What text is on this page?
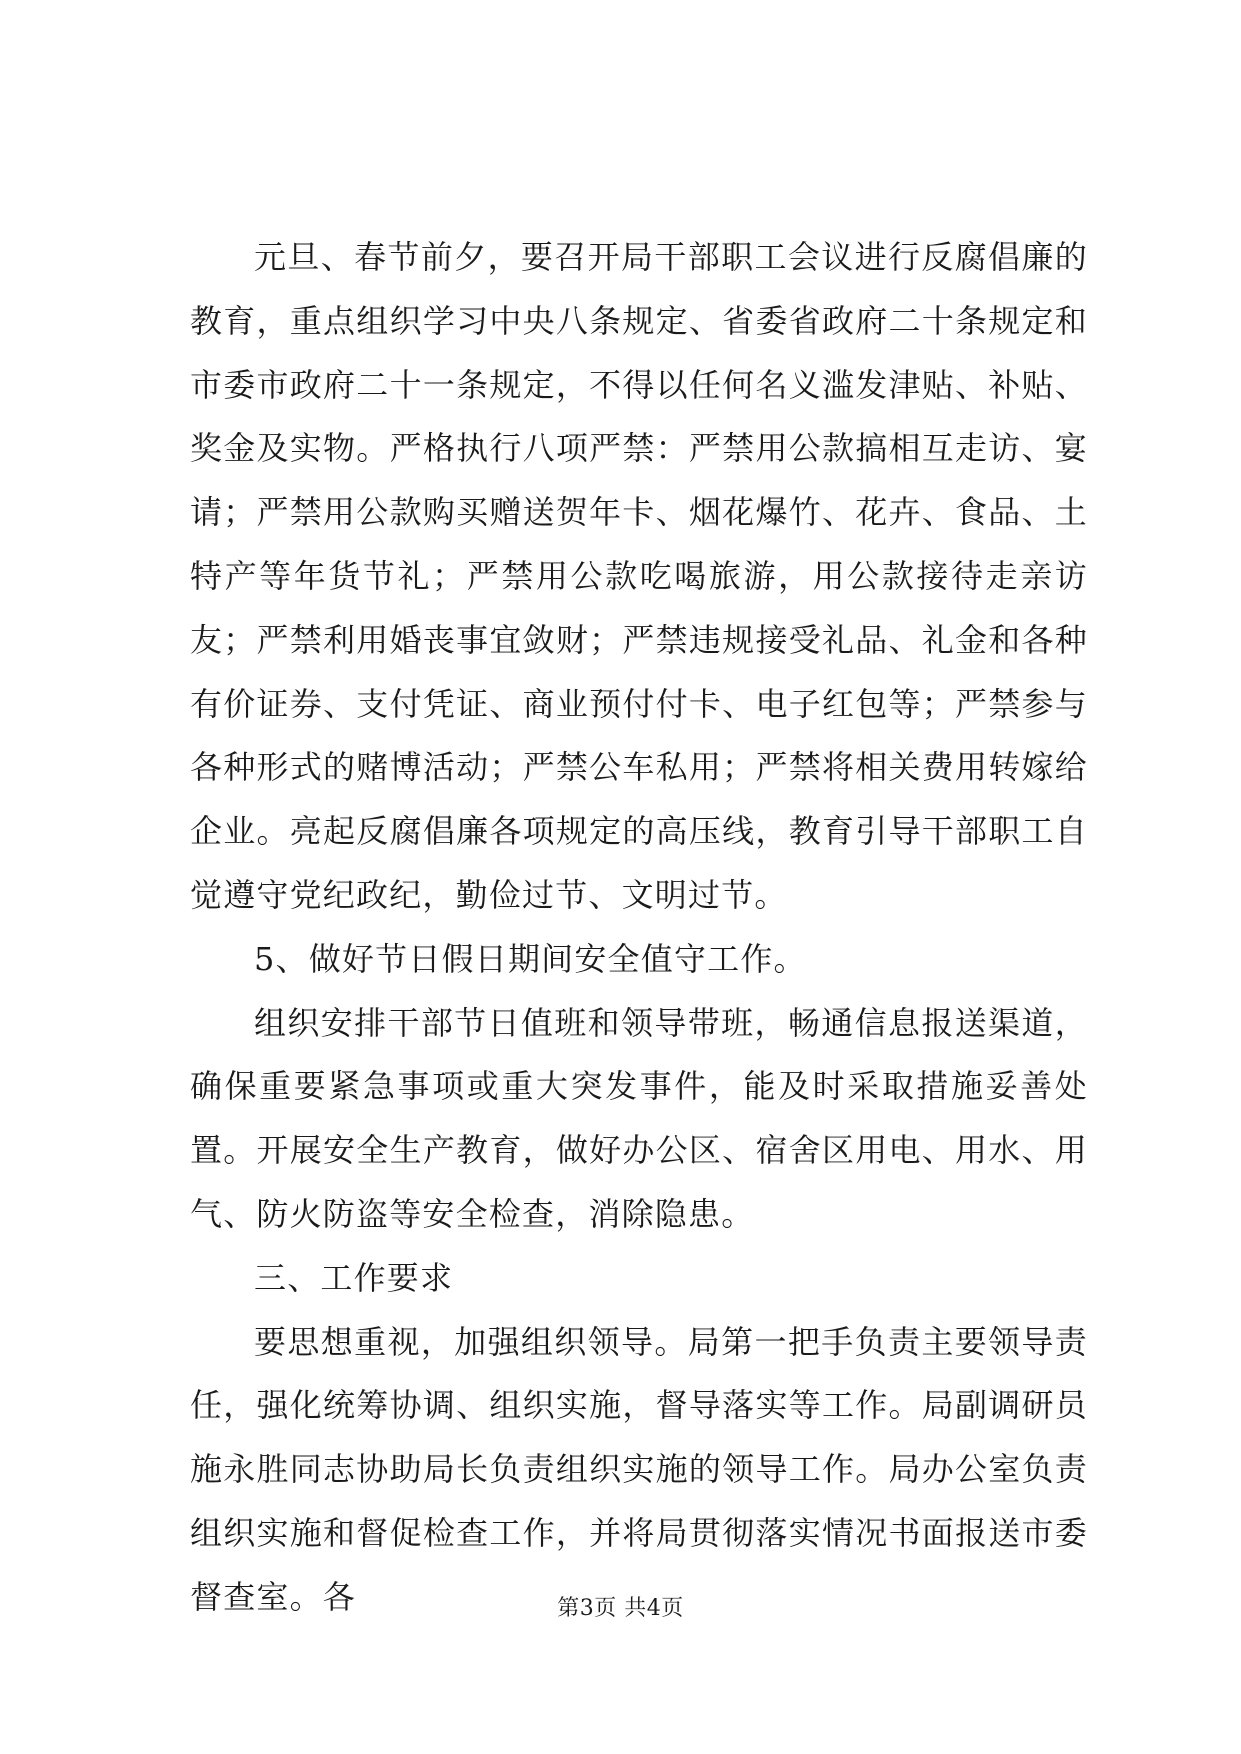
元旦、春节前夕，要召开局干部职工会议进行反腐倡廉的教育，重点组织学习中央八条规定、省委省政府二十条规定和市委市政府二十一条规定，不得以任何名义滥发津贴、补贴、奖金及实物。严格执行八项严禁：严禁用公款搞相互走访、宴请；严禁用公款购买赠送贺年卡、烟花爆竹、花卉、食品、土特产等年货节礼；严禁用公款吃喝旅游，用公款接待走亲访友；严禁利用婚丧事宜敛财；严禁违规接受礼品、礼金和各种有价证券、支付凭证、商业预付付卡、电子红包等；严禁参与各种形式的赌博活动；严禁公车私用；严禁将相关费用转嫁给企业。亮起反腐倡廉各项规定的高压线，教育引导干部职工自觉遵守党纪政纪，勤俭过节、文明过节。

5、做好节日假日期间安全值守工作。

组织安排干部节日值班和领导带班，畅通信息报送渠道，确保重要紧急事项或重大突发事件，能及时采取措施妥善处置。开展安全生产教育，做好办公区、宿舍区用电、用水、用气、防火防盗等安全检查，消除隐患。

三、工作要求

要思想重视，加强组织领导。局第一把手负责主要领导责任，强化统筹协调、组织实施，督导落实等工作。局副调研员施永胜同志协助局长负责组织实施的领导工作。局办公室负责组织实施和督促检查工作，并将局贯彻落实情况书面报送市委督查室。各	第3页 共4页
